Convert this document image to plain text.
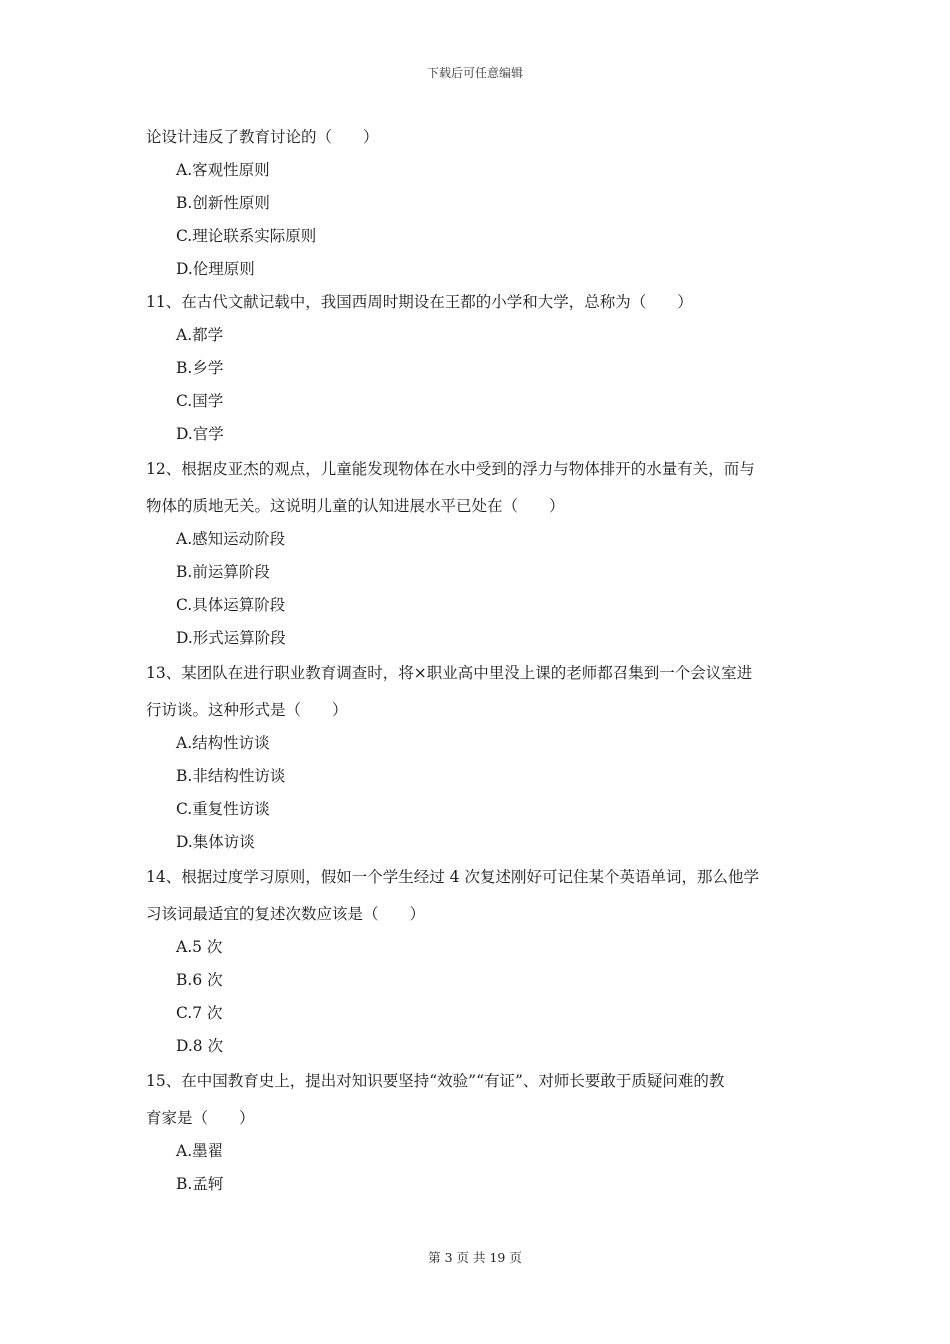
下载后可任意编辑
论设计违反了教育讨论的（　　）
A.客观性原则
B.创新性原则
C.理论联系实际原则
D.伦理原则
11、在古代文献记载中，我国西周时期设在王都的小学和大学，总称为（　　）
A.都学
B.乡学
C.国学
D.官学
12、根据皮亚杰的观点，儿童能发现物体在水中受到的浮力与物体排开的水量有关，而与
物体的质地无关。这说明儿童的认知进展水平已处在（　　）
A.感知运动阶段
B.前运算阶段
C.具体运算阶段
D.形式运算阶段
13、某团队在进行职业教育调查时，将×职业高中里没上课的老师都召集到一个会议室进
行访谈。这种形式是（　　）
A.结构性访谈
B.非结构性访谈
C.重复性访谈
D.集体访谈
14、根据过度学习原则，假如一个学生经过 4 次复述刚好可记住某个英语单词，那么他学
习该词最适宜的复述次数应该是（　　）
A.5 次
B.6 次
C.7 次
D.8 次
15、在中国教育史上，提出对知识要坚持“效验”“有证”、对师长要敢于质疑问难的教
育家是（　　）
A.墨翟
B.孟轲
第 3 页 共 19 页
